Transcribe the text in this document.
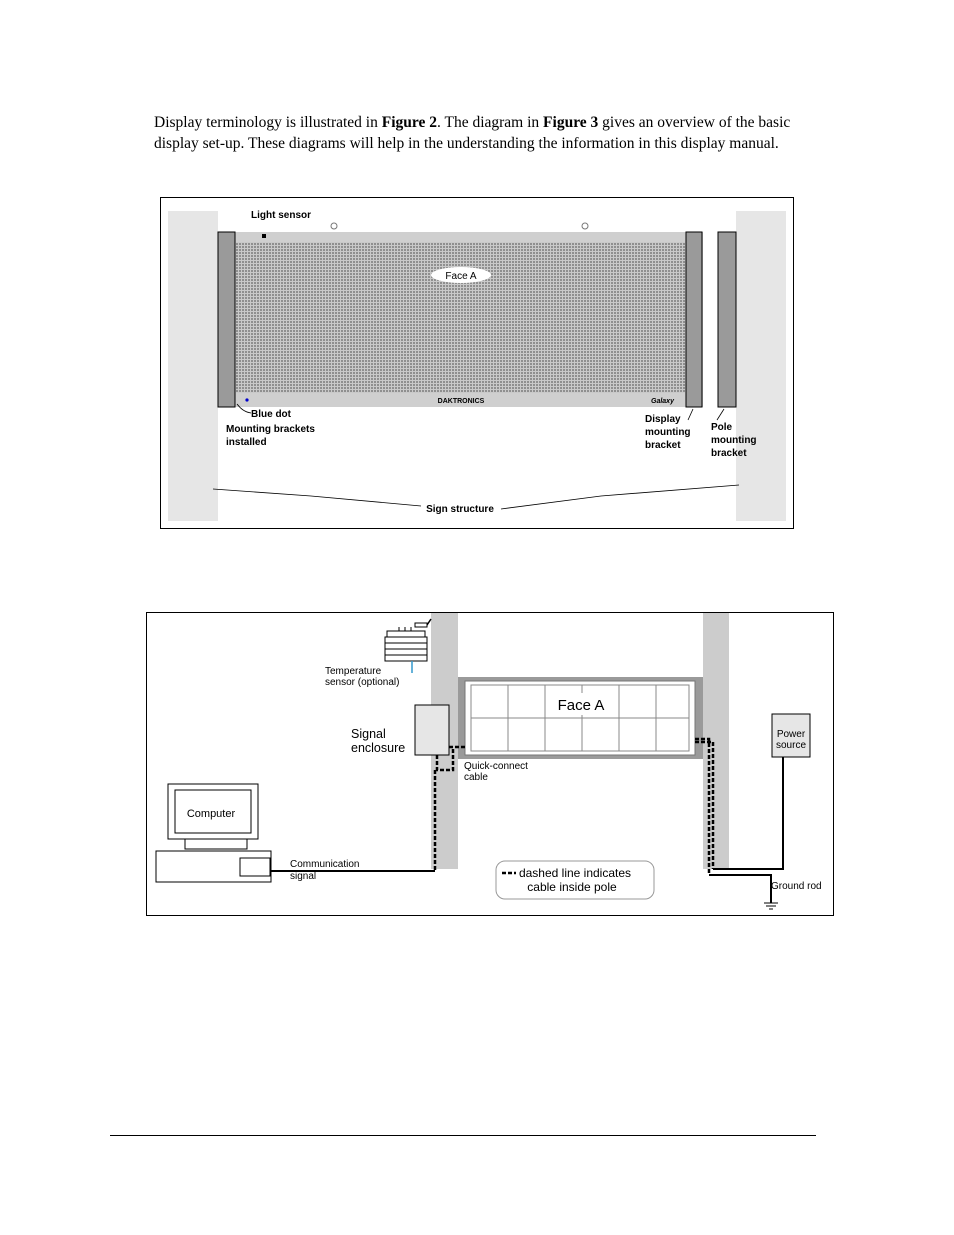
Display terminology is illustrated in Figure 2. The diagram in Figure 3 gives an overview of the basic display set-up. These diagrams will help in the understanding the information in this display manual.

Light sensor
Face A
DAKTRONICS	Galaxy
Blue dot
Mounting brackets
installed
Display
mounting
bracket
Pole
mounting
bracket
Sign structure
Face A
Temperature
sensor (optional)
Signal
enclosure
Quick-connect
cable
Communication
signal
Computer
Ground rod
Power
source
dashed line indicates
cable inside pole
